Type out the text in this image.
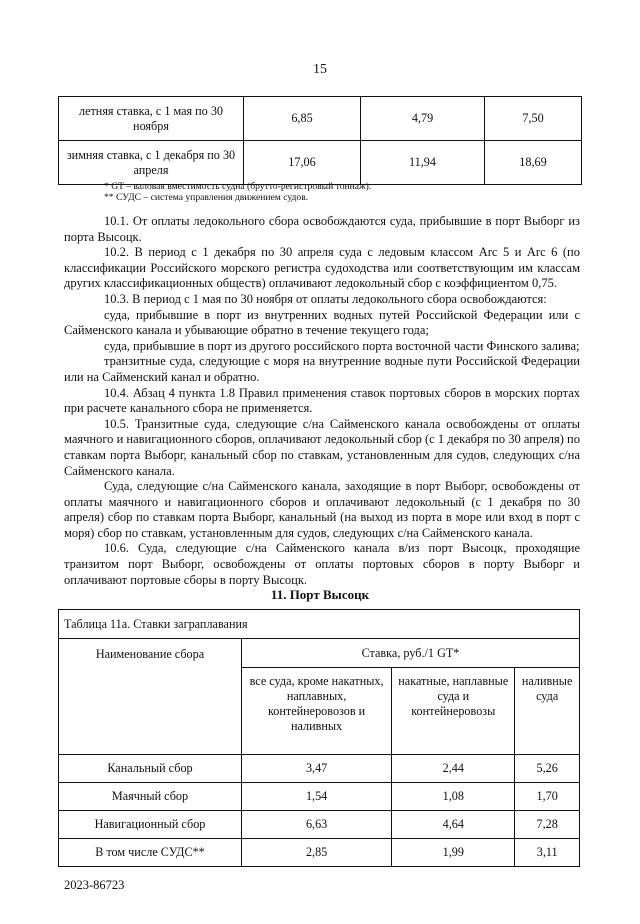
15
летняя ставка, с 1 мая по 30 ноября	6,85	4,79	7,50
зимняя ставка, с 1 декабря по 30 апреля	17,06	11,94	18,69
* GT – валовая вместимость судна (брутто-регистровый тоннаж).
** СУДС – система управления движением судов.

10.1. От оплаты ледокольного сбора освобождаются суда, прибывшие в порт Выборг из порта Высоцк.

10.2. В период с 1 декабря по 30 апреля суда с ледовым классом Arc 5 и Arc 6 (по классификации Российского морского регистра судоходства или соответствующим им классам других классификационных обществ) оплачивают ледокольный сбор с коэффициентом 0,75.

10.3. В период с 1 мая по 30 ноября от оплаты ледокольного сбора освобождаются:

суда, прибывшие в порт из внутренних водных путей Российской Федерации или с Сайменского канала и убывающие обратно в течение текущего года;

суда, прибывшие в порт из другого российского порта восточной части Финского залива;

транзитные суда, следующие с моря на внутренние водные пути Российской Федерации или на Сайменский канал и обратно.

10.4. Абзац 4 пункта 1.8 Правил применения ставок портовых сборов в морских портах при расчете канального сбора не применяется.

10.5. Транзитные суда, следующие с/на Сайменского канала освобождены от оплаты маячного и навигационного сборов, оплачивают ледокольный сбор (с 1 декабря по 30 апреля) по ставкам порта Выборг, канальный сбор по ставкам, установленным для судов, следующих с/на Сайменского канала.

Суда, следующие с/на Сайменского канала, заходящие в порт Выборг, освобождены от оплаты маячного и навигационного сборов и оплачивают ледокольный (с 1 декабря по 30 апреля) сбор по ставкам порта Выборг, канальный (на выход из порта в море или вход в порт с моря) сбор по ставкам, установленным для судов, следующих с/на Сайменского канала.

10.6. Суда, следующие с/на Сайменского канала в/из порт Высоцк, проходящие транзитом порт Выборг, освобождены от оплаты портовых сборов в порту Выборг и оплачивают портовые сборы в порту Высоцк.

11. Порт Высоцк
Таблица 11а. Ставки заграплавания			
Наименование сбора	Ставка, руб./1 GT*		
	все суда, кроме накатных, наплавных, контейнеровозов и наливных	накатные, наплавные суда и контейнеровозы	наливные суда
Канальный сбор	3,47	2,44	5,26
Маячный сбор	1,54	1,08	1,70
Навигационный сбор	6,63	4,64	7,28
В том числе СУДС**	2,85	1,99	3,11
2023-86723
